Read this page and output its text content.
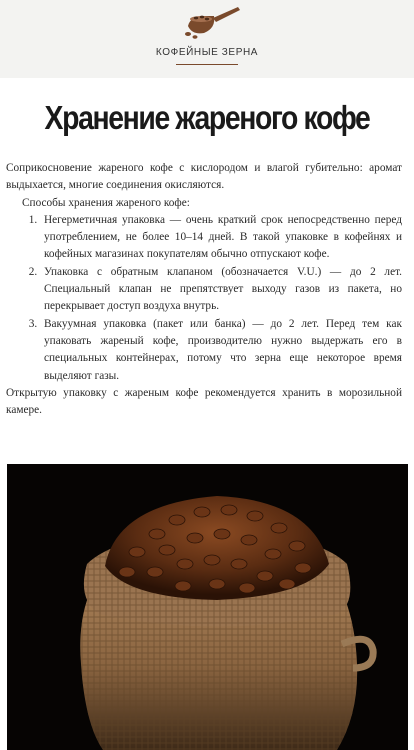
КОФЕЙНЫЕ ЗЕРНА
Хранение жареного кофе

Соприкосновение жареного кофе с кислородом и влагой губительно: аромат выдыхается, многие соединения окисляются.

Способы хранения жареного кофе:

1. Негерметичная упаковка — очень краткий срок непосредственно перед употреблением, не более 10–14 дней. В такой упаковке в кофейнях и кофейных магазинах покупателям обычно отпускают кофе.
2. Упаковка с обратным клапаном (обозначается V.U.) — до 2 лет. Специальный клапан не препятствует выходу газов из пакета, но перекрывает доступ воздуха внутрь.
3. Вакуумная упаковка (пакет или банка) — до 2 лет. Перед тем как упаковать жареный кофе, производителю нужно выдержать его в специальных контейнерах, потому что зерна еще некоторое время выделяют газы.

Открытую упаковку с жареным кофе рекомендуется хранить в морозильной камере.
